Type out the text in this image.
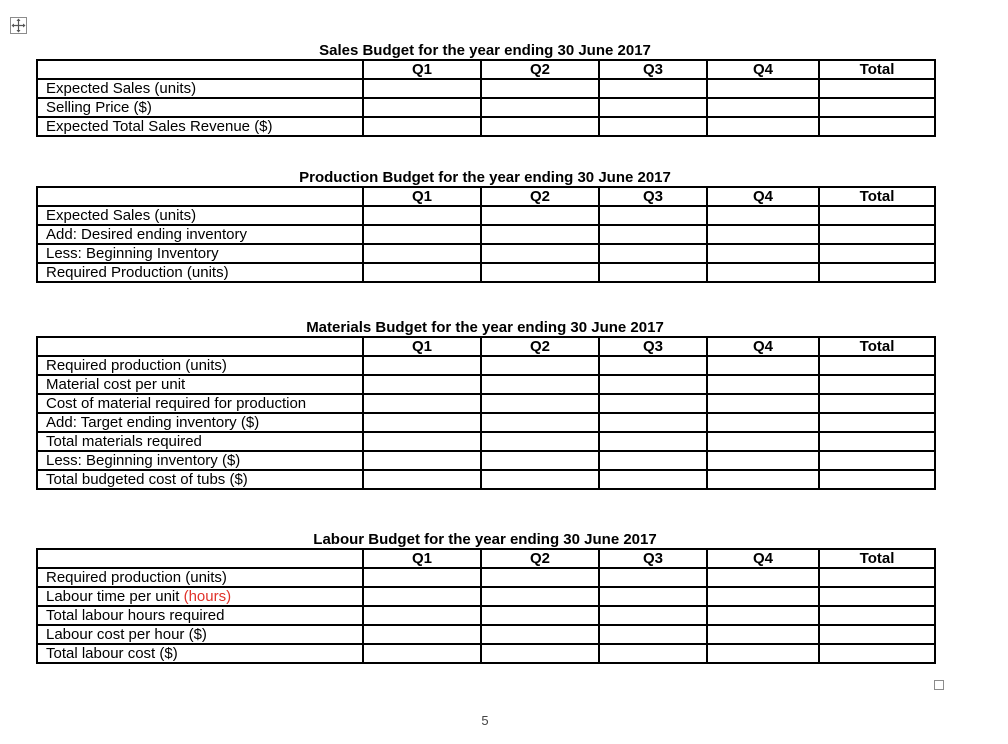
Sales Budget for the year ending 30 June 2017
	Q1	Q2	Q3	Q4	Total
Expected Sales (units)					
Selling Price ($)					
Expected Total Sales Revenue ($)					
Production Budget for the year ending 30 June 2017
	Q1	Q2	Q3	Q4	Total
Expected Sales (units)					
Add: Desired ending inventory					
Less: Beginning Inventory					
Required Production (units)					
Materials Budget for the year ending 30 June 2017
	Q1	Q2	Q3	Q4	Total
Required production (units)					
Material cost per unit					
Cost of material required for production					
Add: Target ending inventory ($)					
Total materials required					
Less: Beginning inventory ($)					
Total budgeted cost of tubs ($)					
Labour Budget for the year ending 30 June 2017
	Q1	Q2	Q3	Q4	Total
Required production (units)					
Labour time per unit (hours)					
Total labour hours required					
Labour cost per hour ($)					
Total labour cost ($)					
5
